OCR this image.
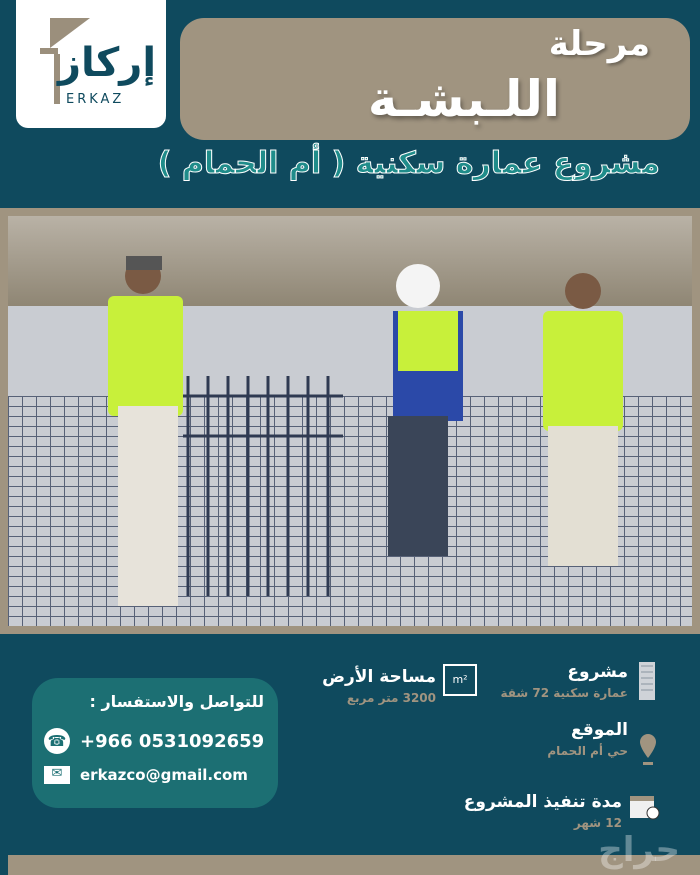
إركاز
ERKAZ
مرحلة
اللـبشـة
مشروع عمارة سكنية ( أم الحمام )
مشروع
عمارة سكنية 72 شقة
m²
مساحة الأرض
3200 متر مربع
الموقع
حي أم الحمام
مدة تنفيذ المشروع
12 شهر
للتواصل والاستفسار :
☎ +966 0531092659
✉	erkazco@gmail.com
حراج
